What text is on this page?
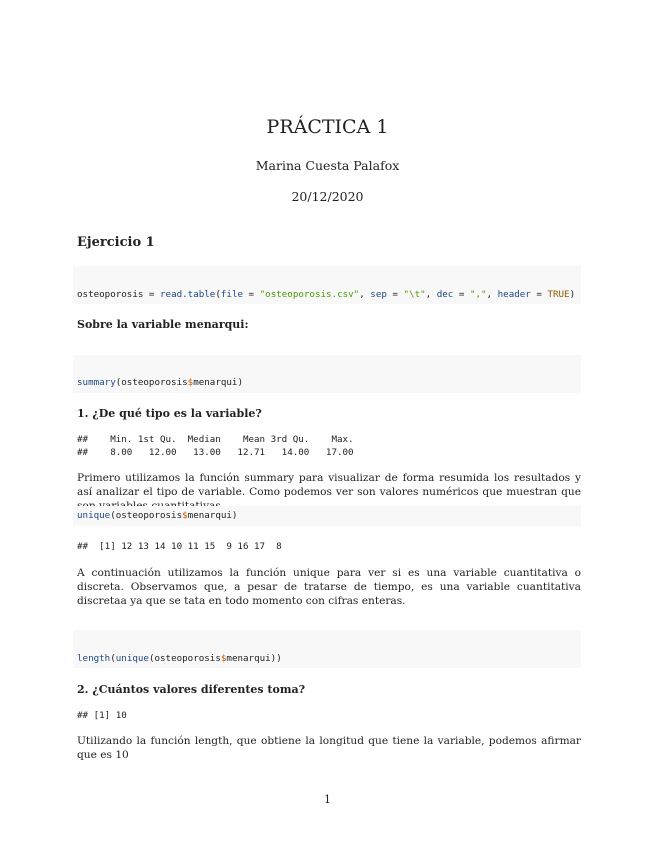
PRÁCTICA 1
Marina Cuesta Palafox
20/12/2020
Ejercicio 1
osteoporosis = read.table(file = "osteoporosis.csv", sep = "\t", dec = ",", header = TRUE)
Sobre la variable menarqui:
summary(osteoporosis$menarqui)
1. ¿De qué tipo es la variable?
##    Min. 1st Qu.  Median    Mean 3rd Qu.    Max.
##    8.00   12.00   13.00   12.71   14.00   17.00
Primero utilizamos la función summary para visualizar de forma resumida los resultados y así analizar el tipo de variable. Como podemos ver son valores numéricos que muestran que
unique(osteoporosis$menarqui)
##  [1] 12 13 14 10 11 15  9 16 17  8
A continuación utilizamos la función unique para ver si es una variable cuantitativa o discreta. Observamos que, a pesar de tratarse de tiempo, es una variable cuantitativa discretaa ya que se tata en todo momento con cifras enteras.
length(unique(osteoporosis$menarqui))
2. ¿Cuántos valores diferentes toma?
## [1] 10
Utilizando la función length, que obtiene la longitud que tiene la variable, podemos afirmar que es 10
1
